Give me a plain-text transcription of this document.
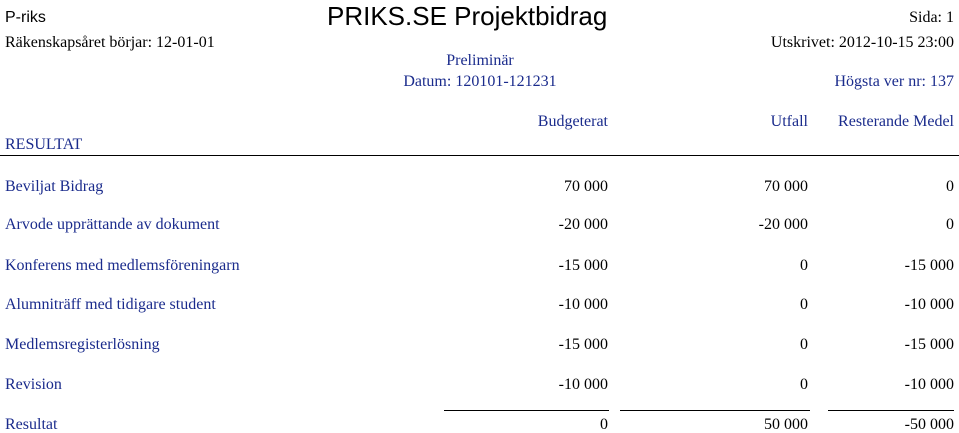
P-riks	PRIKS.SE Projektbidrag	Sida: 1
Räkenskapsåret börjar: 12-01-01	Utskrivet: 2012-10-15 23:00
Preliminär
Datum: 120101-121231	Högsta ver nr: 137
Budgeterat	Utfall	Resterande Medel
RESULTAT
Beviljat Bidrag	70 000	70 000	0
Arvode upprättande av dokument	-20 000	-20 000	0
Konferens med medlemsföreningarn	-15 000	0	-15 000
Alumniträff med tidigare student	-10 000	0	-10 000
Medlemsregisterlösning	-15 000	0	-15 000
Revision	-10 000	0	-10 000
Resultat	0	50 000	-50 000
